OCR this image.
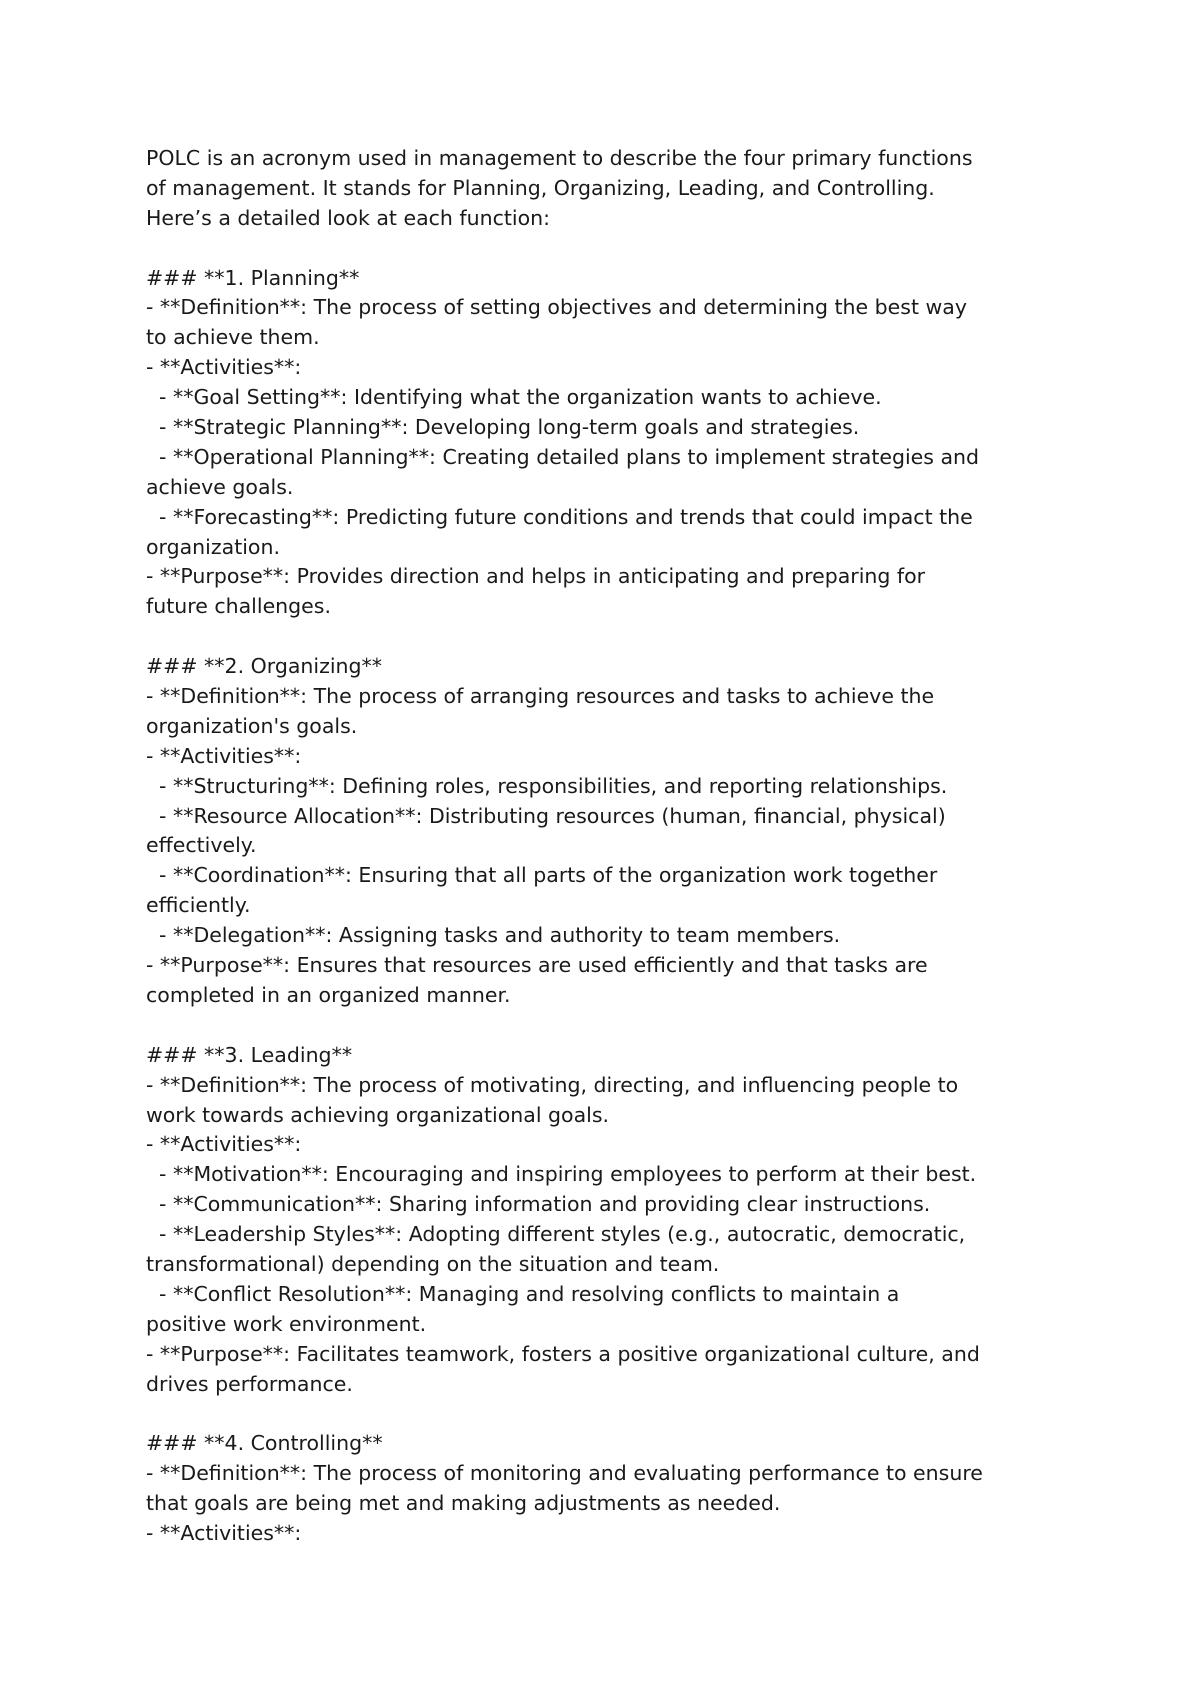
POLC is an acronym used in management to describe the four primary functions
of management. It stands for Planning, Organizing, Leading, and Controlling.
Here’s a detailed look at each function:
### **1. Planning**
- **Definition**: The process of setting objectives and determining the best way
to achieve them.
- **Activities**:
- **Goal Setting**: Identifying what the organization wants to achieve.
- **Strategic Planning**: Developing long-term goals and strategies.
- **Operational Planning**: Creating detailed plans to implement strategies and
achieve goals.
- **Forecasting**: Predicting future conditions and trends that could impact the
organization.
- **Purpose**: Provides direction and helps in anticipating and preparing for
future challenges.
### **2. Organizing**
- **Definition**: The process of arranging resources and tasks to achieve the
organization's goals.
- **Activities**:
- **Structuring**: Defining roles, responsibilities, and reporting relationships.
- **Resource Allocation**: Distributing resources (human, financial, physical)
effectively.
- **Coordination**: Ensuring that all parts of the organization work together
efficiently.
- **Delegation**: Assigning tasks and authority to team members.
- **Purpose**: Ensures that resources are used efficiently and that tasks are
completed in an organized manner.
### **3. Leading**
- **Definition**: The process of motivating, directing, and influencing people to
work towards achieving organizational goals.
- **Activities**:
- **Motivation**: Encouraging and inspiring employees to perform at their best.
- **Communication**: Sharing information and providing clear instructions.
- **Leadership Styles**: Adopting different styles (e.g., autocratic, democratic,
transformational) depending on the situation and team.
- **Conflict Resolution**: Managing and resolving conflicts to maintain a
positive work environment.
- **Purpose**: Facilitates teamwork, fosters a positive organizational culture, and
drives performance.
### **4. Controlling**
- **Definition**: The process of monitoring and evaluating performance to ensure
that goals are being met and making adjustments as needed.
- **Activities**:
